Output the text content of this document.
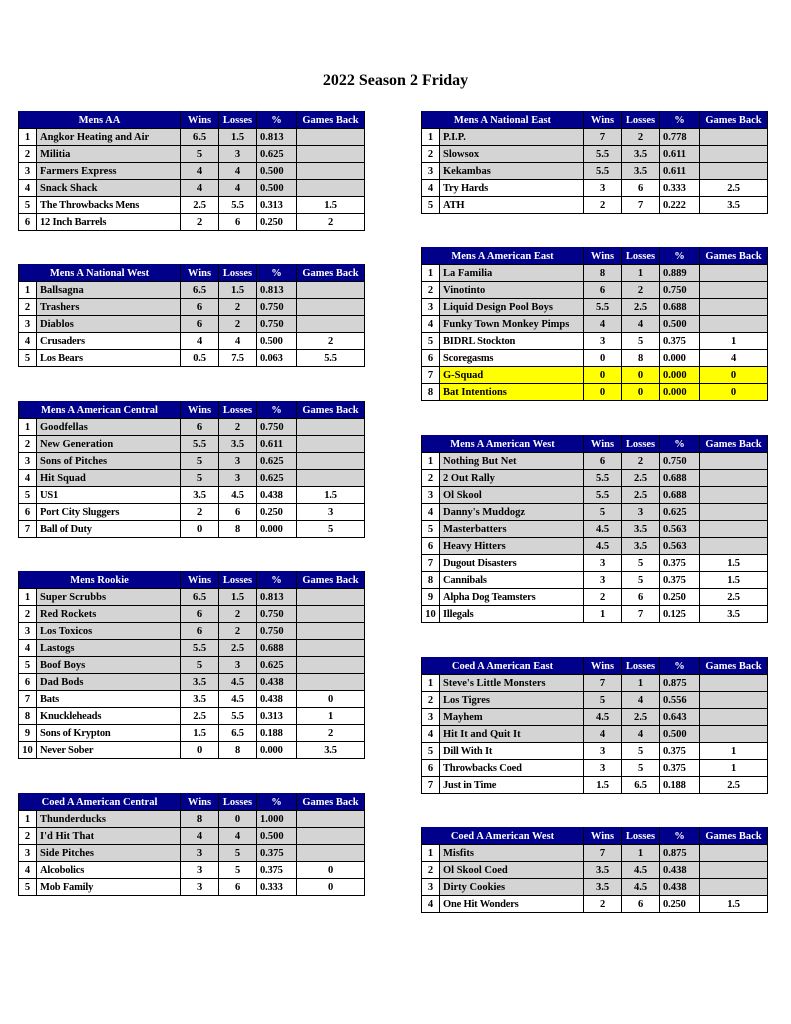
2022 Season 2 Friday
Mens AA		Wins	Losses	%	Games Back
1	Angkor Heating and Air	6.5	1.5	0.813	
2	Militia	5	3	0.625	
3	Farmers Express	4	4	0.500	
4	Snack Shack	4	4	0.500	
5	The Throwbacks Mens	2.5	5.5	0.313	1.5
6	12 Inch Barrels	2	6	0.250	2
Mens A National West		Wins	Losses	%	Games Back
1	Ballsagna	6.5	1.5	0.813	
2	Trashers	6	2	0.750	
3	Diablos	6	2	0.750	
4	Crusaders	4	4	0.500	2
5	Los Bears	0.5	7.5	0.063	5.5
Mens A American Central		Wins	Losses	%	Games Back
1	Goodfellas	6	2	0.750	
2	New Generation	5.5	3.5	0.611	
3	Sons of Pitches	5	3	0.625	
4	Hit Squad	5	3	0.625	
5	US1	3.5	4.5	0.438	1.5
6	Port City Sluggers	2	6	0.250	3
7	Ball of Duty	0	8	0.000	5
Mens Rookie		Wins	Losses	%	Games Back
1	Super Scrubbs	6.5	1.5	0.813	
2	Red Rockets	6	2	0.750	
3	Los Toxicos	6	2	0.750	
4	Lastogs	5.5	2.5	0.688	
5	Boof Boys	5	3	0.625	
6	Dad Bods	3.5	4.5	0.438	
7	Bats	3.5	4.5	0.438	0
8	Knuckleheads	2.5	5.5	0.313	1
9	Sons of Krypton	1.5	6.5	0.188	2
10	Never Sober	0	8	0.000	3.5
Coed A American Central		Wins	Losses	%	Games Back
1	Thunderducks	8	0	1.000	
2	I'd Hit That	4	4	0.500	
3	Side Pitches	3	5	0.375	
4	Alcobolics	3	5	0.375	0
5	Mob Family	3	6	0.333	0
Mens A National East		Wins	Losses	%	Games Back
1	P.I.P.	7	2	0.778	
2	Slowsox	5.5	3.5	0.611	
3	Kekambas	5.5	3.5	0.611	
4	Try Hards	3	6	0.333	2.5
5	ATH	2	7	0.222	3.5
Mens A American East		Wins	Losses	%	Games Back
1	La Familia	8	1	0.889	
2	Vinotinto	6	2	0.750	
3	Liquid Design Pool Boys	5.5	2.5	0.688	
4	Funky Town Monkey Pimps	4	4	0.500	
5	BIDRL Stockton	3	5	0.375	1
6	Scoregasms	0	8	0.000	4
7	G-Squad	0	0	0.000	0
8	Bat Intentions	0	0	0.000	0
Mens A American West		Wins	Losses	%	Games Back
1	Nothing But Net	6	2	0.750	
2	2 Out Rally	5.5	2.5	0.688	
3	Ol Skool	5.5	2.5	0.688	
4	Danny's Muddogz	5	3	0.625	
5	Masterbatters	4.5	3.5	0.563	
6	Heavy Hitters	4.5	3.5	0.563	
7	Dugout Disasters	3	5	0.375	1.5
8	Cannibals	3	5	0.375	1.5
9	Alpha Dog Teamsters	2	6	0.250	2.5
10	Illegals	1	7	0.125	3.5
Coed A American East		Wins	Losses	%	Games Back
1	Steve's Little Monsters	7	1	0.875	
2	Los Tigres	5	4	0.556	
3	Mayhem	4.5	2.5	0.643	
4	Hit It and Quit It	4	4	0.500	
5	Dill With It	3	5	0.375	1
6	Throwbacks Coed	3	5	0.375	1
7	Just in Time	1.5	6.5	0.188	2.5
Coed A American West		Wins	Losses	%	Games Back
1	Misfits	7	1	0.875	
2	Ol Skool Coed	3.5	4.5	0.438	
3	Dirty Cookies	3.5	4.5	0.438	
4	One Hit Wonders	2	6	0.250	1.5
